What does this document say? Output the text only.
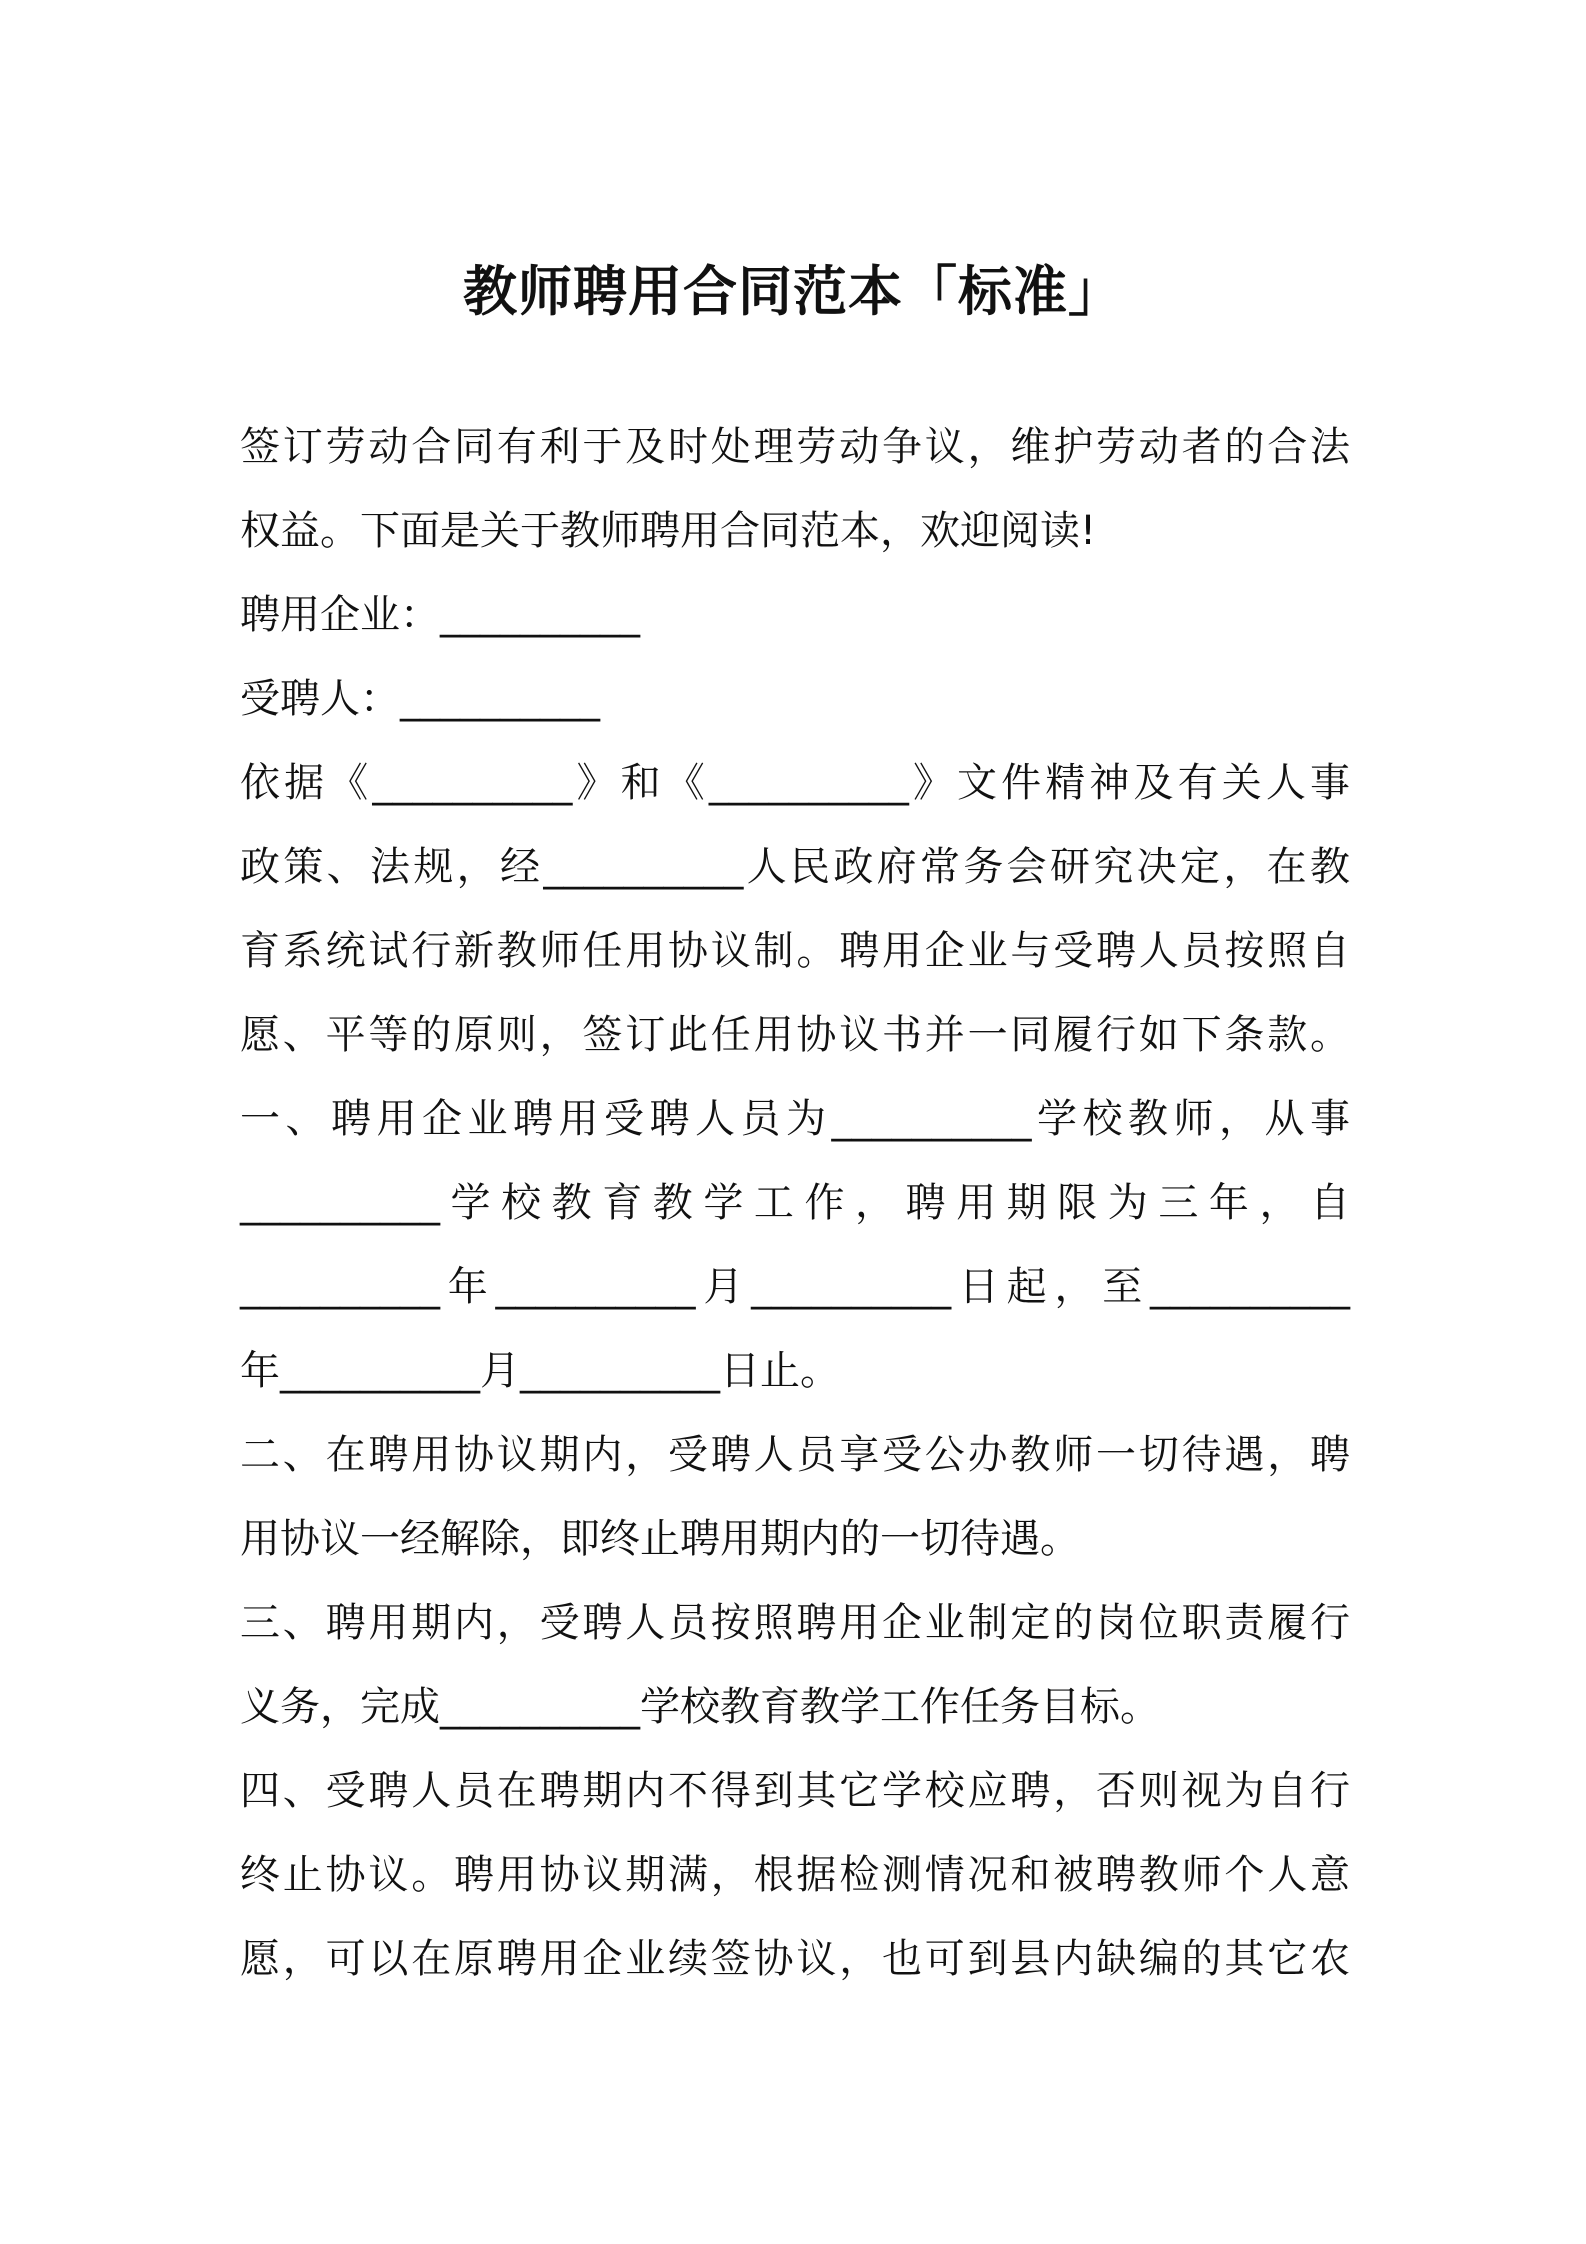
教师聘用合同范本「标准」

签订劳动合同有利于及时处理劳动争议，维护劳动者的合法

权益。下面是关于教师聘用合同范本，欢迎阅读!

聘用企业：__________

受聘人：__________

依据《__________》和《__________》文件精神及有关人事

政策、法规，经__________人民政府常务会研究决定，在教

育系统试行新教师任用协议制。聘用企业与受聘人员按照自

愿、平等的原则，签订此任用协议书并一同履行如下条款。

一、聘用企业聘用受聘人员为__________学校教师，从事

__________学校教育教学工作，聘用期限为三年，自

__________年__________月__________日起，至__________

年__________月__________日止。

二、在聘用协议期内，受聘人员享受公办教师一切待遇，聘

用协议一经解除，即终止聘用期内的一切待遇。

三、聘用期内，受聘人员按照聘用企业制定的岗位职责履行

义务，完成__________学校教育教学工作任务目标。

四、受聘人员在聘期内不得到其它学校应聘，否则视为自行

终止协议。聘用协议期满，根据检测情况和被聘教师个人意

愿，可以在原聘用企业续签协议，也可到县内缺编的其它农
